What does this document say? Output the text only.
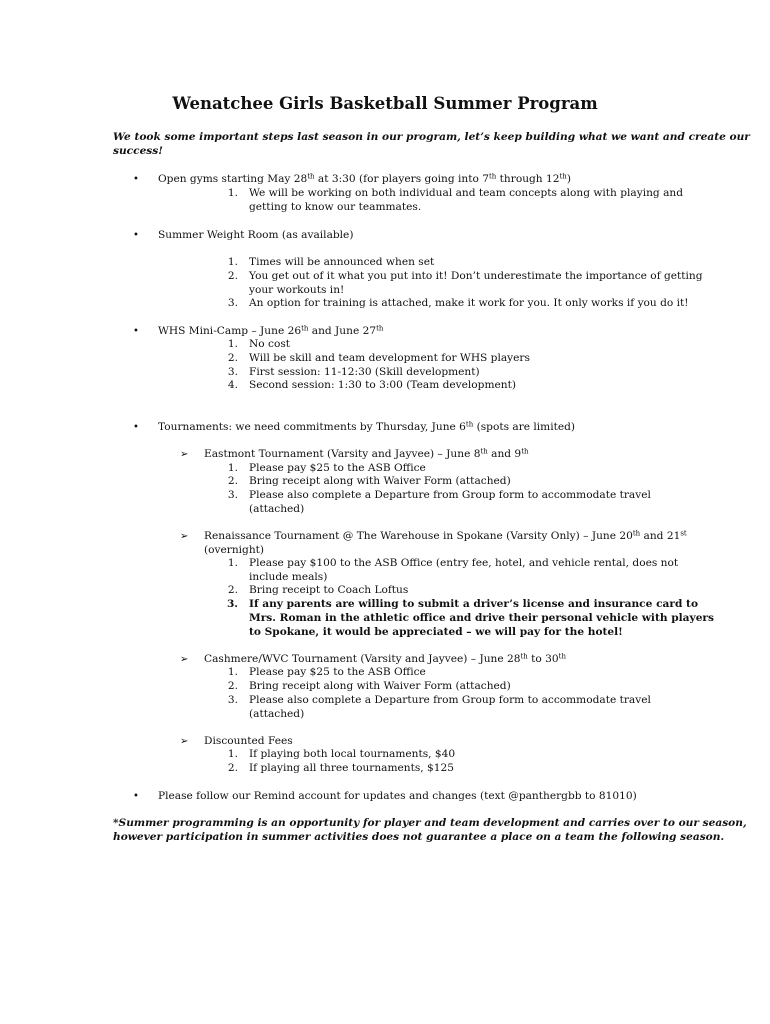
Wenatchee Girls Basketball Summer Program
We took some important steps last season in our program, let’s keep building what we want and create our
success!
• Open gyms starting May 28th at 3:30 (for players going into 7th through 12th)
1. We will be working on both individual and team concepts along with playing and
getting to know our teammates.
• Summer Weight Room (as available)
1. Times will be announced when set
2. You get out of it what you put into it! Don’t underestimate the importance of getting
your workouts in!
3. An option for training is attached, make it work for you. It only works if you do it!
• WHS Mini-Camp – June 26th and June 27th
1. No cost
2. Will be skill and team development for WHS players
3. First session: 11-12:30 (Skill development)
4. Second session: 1:30 to 3:00 (Team development)
• Tournaments: we need commitments by Thursday, June 6th (spots are limited)
➢ Eastmont Tournament (Varsity and Jayvee) – June 8th and 9th
1. Please pay $25 to the ASB Office
2. Bring receipt along with Waiver Form (attached)
3. Please also complete a Departure from Group form to accommodate travel
(attached)
➢ Renaissance Tournament @ The Warehouse in Spokane (Varsity Only) – June 20th and 21st
(overnight)
1. Please pay $100 to the ASB Office (entry fee, hotel, and vehicle rental, does not
include meals)
2. Bring receipt to Coach Loftus
3. If any parents are willing to submit a driver’s license and insurance card to
Mrs. Roman in the athletic office and drive their personal vehicle with players
to Spokane, it would be appreciated – we will pay for the hotel!
➢ Cashmere/WVC Tournament (Varsity and Jayvee) – June 28th to 30th
1. Please pay $25 to the ASB Office
2. Bring receipt along with Waiver Form (attached)
3. Please also complete a Departure from Group form to accommodate travel
(attached)
➢ Discounted Fees
1. If playing both local tournaments, $40
2. If playing all three tournaments, $125
• Please follow our Remind account for updates and changes (text @panthergbb to 81010)
*Summer programming is an opportunity for player and team development and carries over to our season,
however participation in summer activities does not guarantee a place on a team the following season.
